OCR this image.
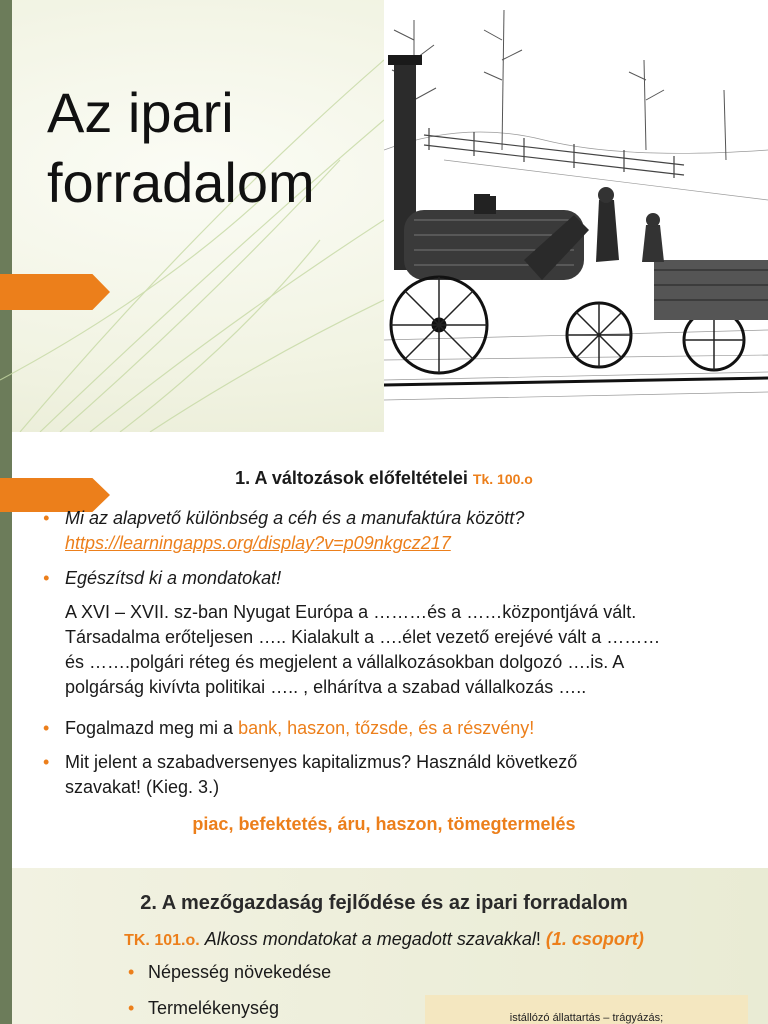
Az ipari
forradalom
1. A változások előfeltételei Tk. 100.o
• Mi az alapvető különbség a céh és a manufaktúra között?
https://learningapps.org/display?v=p09nkgcz217
• Egészítsd ki a mondatokat!
A XVI – XVII. sz-ban Nyugat Európa a ………és a ……központjává vált.
Társadalma erőteljesen ….. Kialakult a ….élet vezető erejévé vált a ………
és …….polgári réteg és megjelent a vállalkozásokban dolgozó ….is. A
polgárság kivívta politikai ….. , elhárítva a szabad vállalkozás …..
• Fogalmazd meg mi a bank, haszon, tőzsde, és a részvény!
• Mit jelent a szabadversenyes kapitalizmus? Használd következő
szavakat! (Kieg. 3.)
piac, befektetés, áru, haszon, tömegtermelés
2. A mezőgazdaság fejlődése és az ipari forradalom
TK. 101.o. Alkoss mondatokat a megadott szavakkal! (1. csoport)
• Népesség növekedése
• Termelékenység	istállózó állattartás – trágyázás;
